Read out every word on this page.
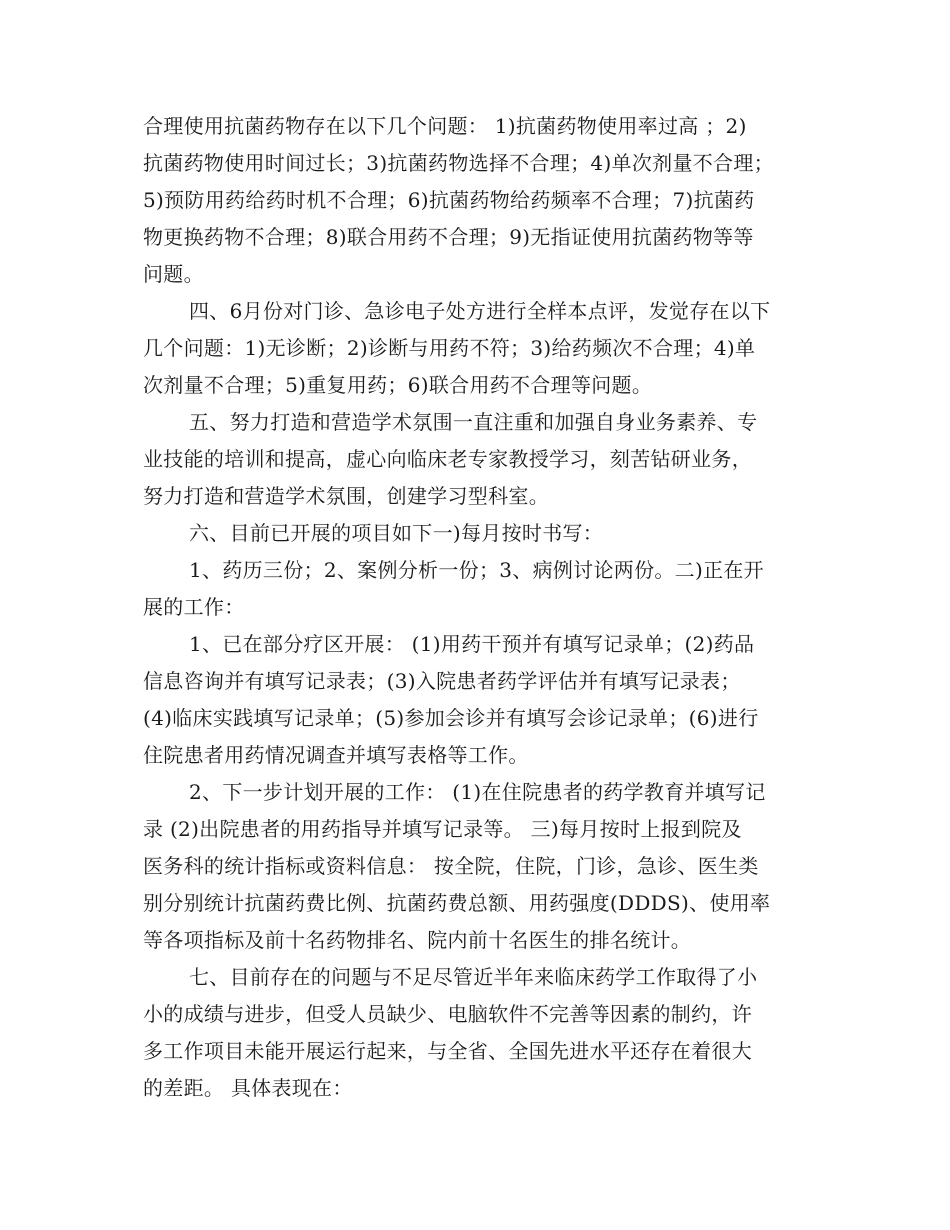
合理使用抗菌药物存在以下几个问题： 1)抗菌药物使用率过高 ；2)
抗菌药物使用时间过长；3)抗菌药物选择不合理；4)单次剂量不合理；
5)预防用药给药时机不合理；6)抗菌药物给药频率不合理；7)抗菌药
物更换药物不合理；8)联合用药不合理；9)无指证使用抗菌药物等等
问题。
四、6月份对门诊、急诊电子处方进行全样本点评，发觉存在以下
几个问题：1)无诊断；2)诊断与用药不符；3)给药频次不合理；4)单
次剂量不合理；5)重复用药；6)联合用药不合理等问题。
五、努力打造和营造学术氛围一直注重和加强自身业务素养、专
业技能的培训和提高，虚心向临床老专家教授学习，刻苦钻研业务，
努力打造和营造学术氛围，创建学习型科室。
六、目前已开展的项目如下一)每月按时书写：
1、药历三份；2、案例分析一份；3、病例讨论两份。二)正在开
展的工作：
1、已在部分疗区开展： (1)用药干预并有填写记录单；(2)药品
信息咨询并有填写记录表；(3)入院患者药学评估并有填写记录表；
(4)临床实践填写记录单；(5)参加会诊并有填写会诊记录单；(6)进行
住院患者用药情况调查并填写表格等工作。
2、下一步计划开展的工作： (1)在住院患者的药学教育并填写记
录 (2)出院患者的用药指导并填写记录等。 三)每月按时上报到院及
医务科的统计指标或资料信息： 按全院，住院，门诊，急诊、医生类
别分别统计抗菌药费比例、抗菌药费总额、用药强度(DDDS)、使用率
等各项指标及前十名药物排名、院内前十名医生的排名统计。
七、目前存在的问题与不足尽管近半年来临床药学工作取得了小
小的成绩与进步，但受人员缺少、电脑软件不完善等因素的制约，许
多工作项目未能开展运行起来，与全省、全国先进水平还存在着很大
的差距。 具体表现在：
